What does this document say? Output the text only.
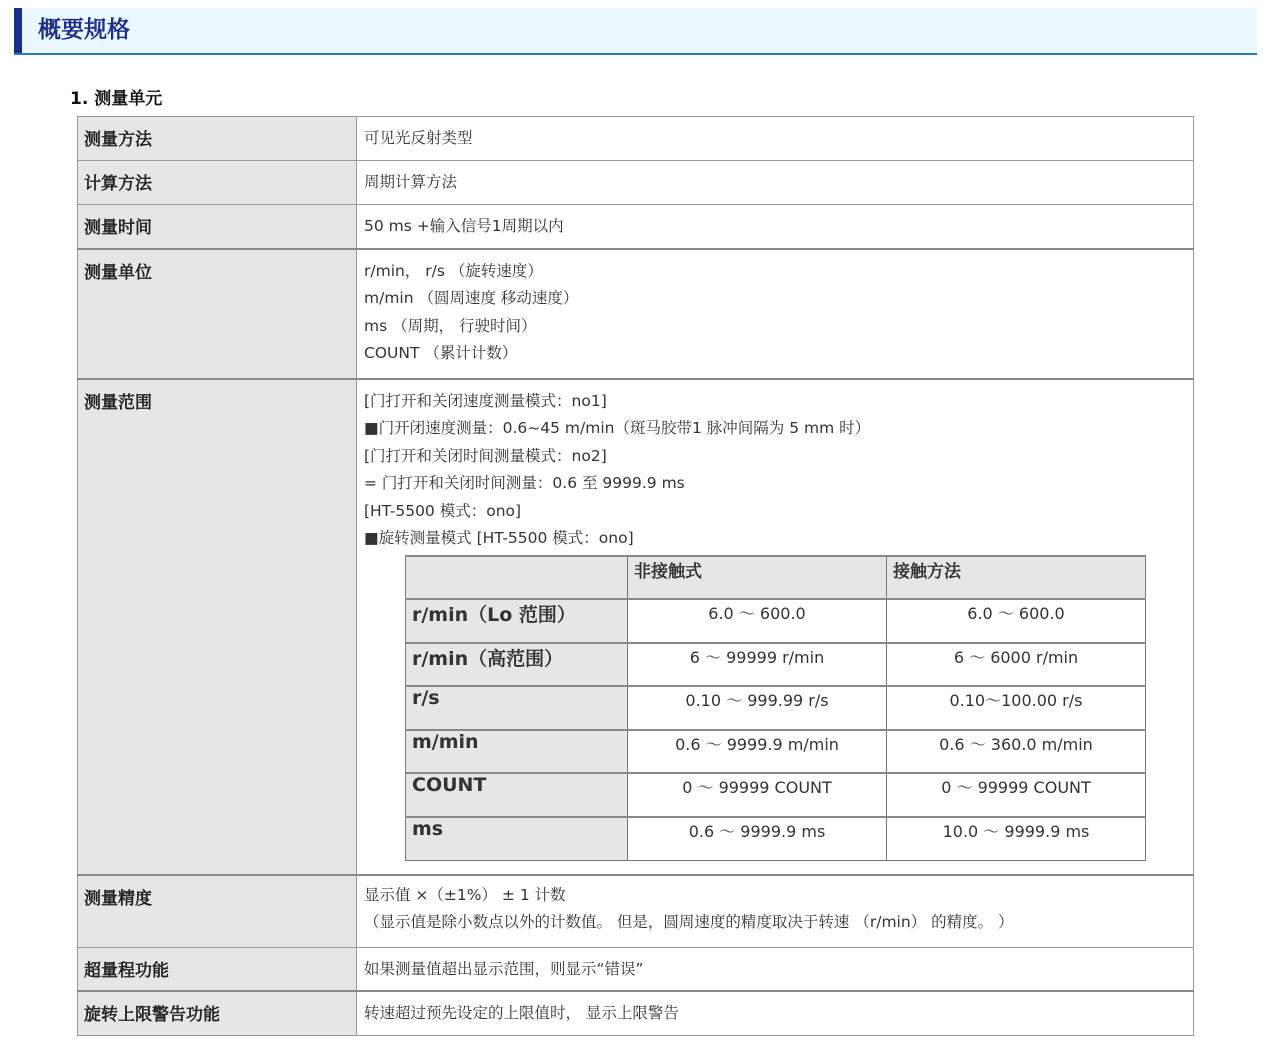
概要规格
1. 测量单元
测量方法	可见光反射类型

计算方法	周期计算方法

测量时间	50 ms +输入信号1周期以内

测量单位	r/min， r/s （旋转速度）
m/min （圆周速度 移动速度）
ms （周期， 行驶时间）
COUNT （累计计数）

测量范围	[门打开和关闭速度测量模式：no1]
■门开闭速度测量：0.6~45 m/min（斑马胶带1 脉冲间隔为 5 mm 时）
[门打开和关闭时间测量模式：no2]
= 门打开和关闭时间测量：0.6 至 9999.9 ms
[HT-5500 模式：ono]
■旋转测量模式 [HT-5500 模式：ono]
	非接触式	接触方法
r/min（Lo 范围）	6.0 ～ 600.0	6.0 ～ 600.0
r/min（高范围）	6 ～ 99999 r/min	6 ～ 6000 r/min
r/s	0.10 ～ 999.99 r/s	0.10～100.00 r/s
m/min	0.6 ～ 9999.9 m/min	0.6 ～ 360.0 m/min
COUNT	0 ～ 99999 COUNT	0 ～ 99999 COUNT
ms	0.6 ～ 9999.9 ms	10.0 ～ 9999.9 ms

测量精度	显示值 ×（±1%） ± 1 计数
（显示值是除小数点以外的计数值。 但是，圆周速度的精度取决于转速 （r/min） 的精度。 ）

超量程功能	如果测量值超出显示范围，则显示“错误”

旋转上限警告功能	转速超过预先设定的上限值时， 显示上限警告
